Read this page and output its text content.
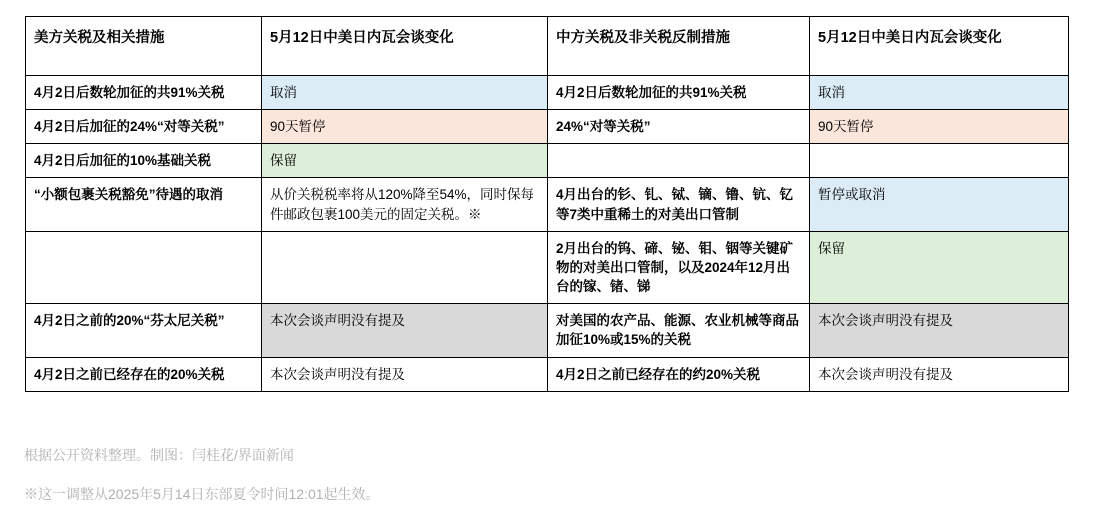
美方关税及相关措施	5月12日中美日内瓦会谈变化	中方关税及非关税反制措施	5月12日中美日内瓦会谈变化
4月2日后数轮加征的共91%关税	取消	4月2日后数轮加征的共91%关税	取消
4月2日后加征的24%“对等关税”	90天暂停	24%“对等关税”	90天暂停
4月2日后加征的10%基础关税	保留		
“小额包裹关税豁免”待遇的取消	从价关税税率将从120%降至54%，同时保每件邮政包裹100美元的固定关税。※	4月出台的钐、钆、铽、镝、镥、钪、钇等7类中重稀土的对美出口管制	暂停或取消
		2月出台的钨、碲、铋、钼、铟等关键矿物的对美出口管制，以及2024年12月出台的镓、锗、锑	保留
4月2日之前的20%“芬太尼关税”	本次会谈声明没有提及	对美国的农产品、能源、农业机械等商品加征10%或15%的关税	本次会谈声明没有提及
4月2日之前已经存在的20%关税	本次会谈声明没有提及	4月2日之前已经存在的约20%关税	本次会谈声明没有提及
根据公开资料整理。制图：闫桂花/界面新闻
※这一调整从2025年5月14日东部夏令时间12:01起生效。
